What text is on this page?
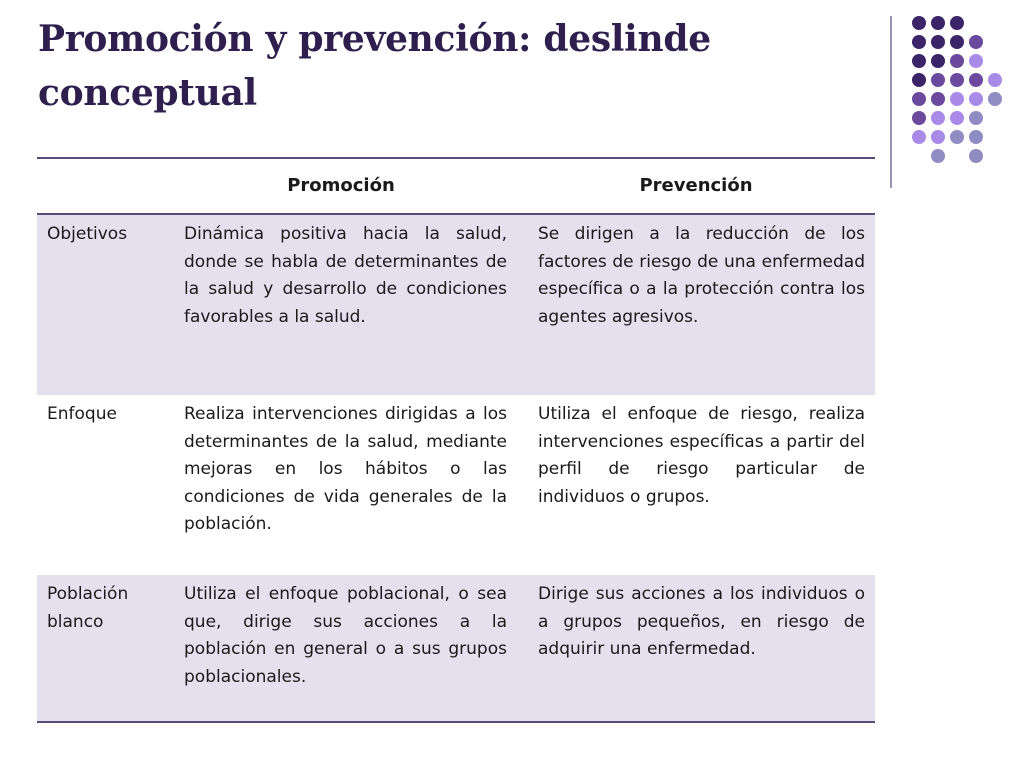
Promoción y prevención: deslinde conceptual
	Promoción	Prevención
Objetivos	Dinámica positiva hacia la salud, donde se habla de determinantes de la salud y desarrollo de condiciones favorables a la salud.	Se dirigen a la reducción de los factores de riesgo de una enfermedad específica o a la protección contra los agentes agresivos.
Enfoque	Realiza intervenciones dirigidas a los determinantes de la salud, mediante mejoras en los hábitos o las condiciones de vida generales de la población.	Utiliza el enfoque de riesgo, realiza intervenciones específicas a partir del perfil de riesgo particular de individuos o grupos.
Población blanco	Utiliza el enfoque poblacional, o sea que, dirige sus acciones a la población en general o a sus grupos poblacionales.	Dirige sus acciones a los individuos o a grupos pequeños, en riesgo de adquirir una enfermedad.
